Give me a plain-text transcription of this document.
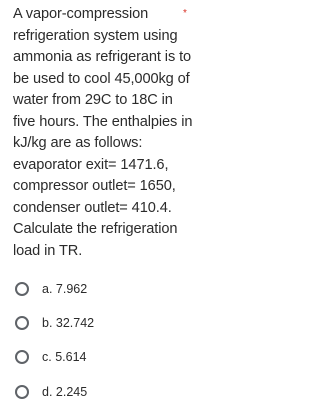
A vapor-compression refrigeration system using ammonia as refrigerant is to be used to cool 45,000kg of water from 29C to 18C in five hours. The enthalpies in kJ/kg are as follows: evaporator exit= 1471.6, compressor outlet= 1650, condenser outlet= 410.4. Calculate the refrigeration load in TR.

*
a. 7.962
b. 32.742
c. 5.614
d. 2.245
